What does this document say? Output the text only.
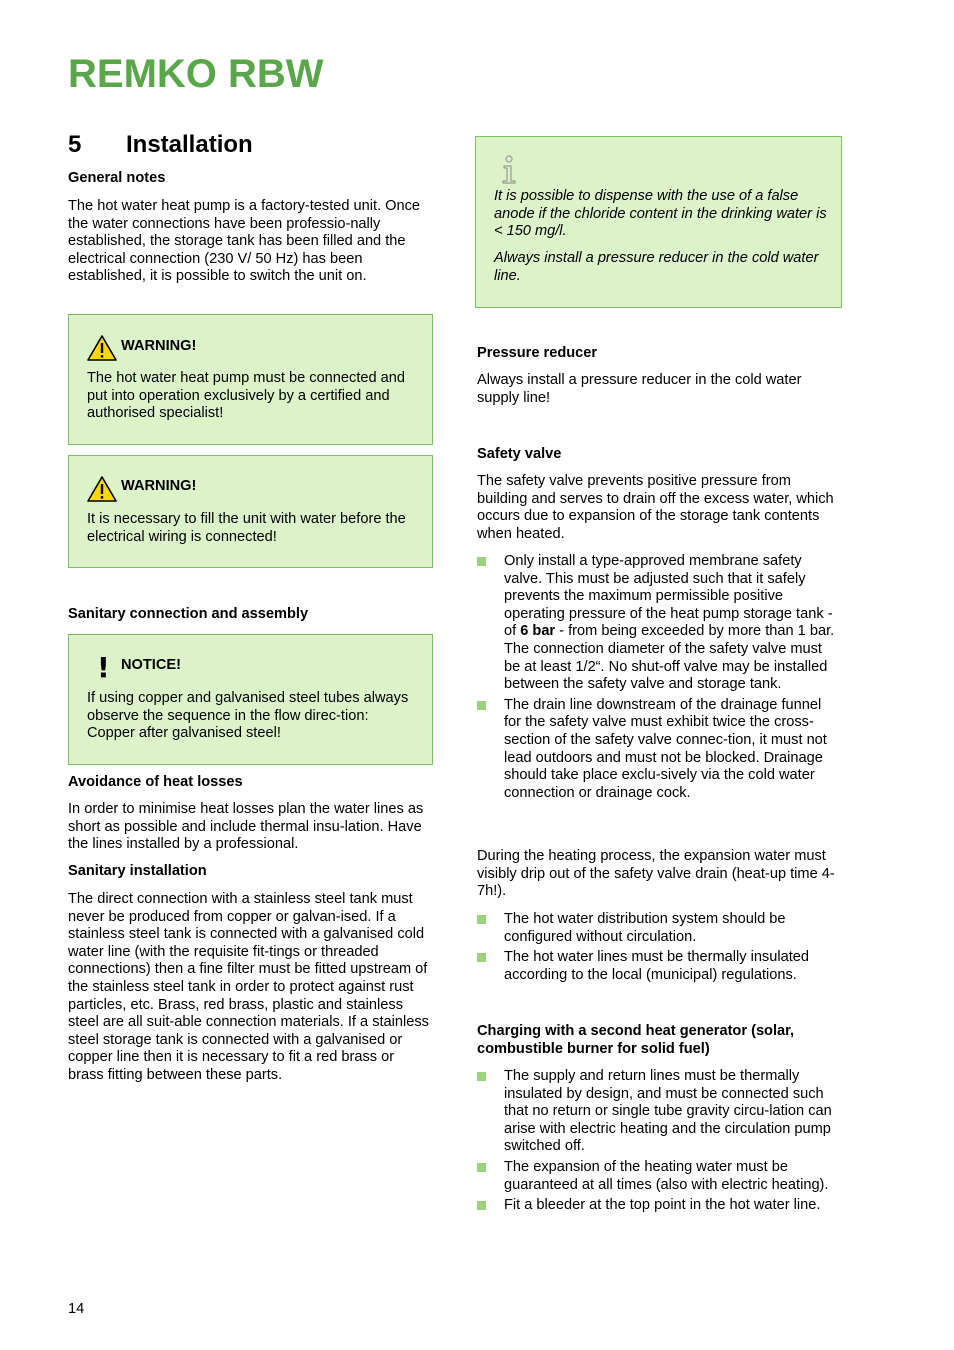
REMKO RBW
5 Installation
General notes

The hot water heat pump is a factory-tested unit. Once the water connections have been professio-nally established, the storage tank has been filled and the electrical connection (230 V/ 50 Hz) has been established, it is possible to switch the unit on.

WARNING!
The hot water heat pump must be connected and put into operation exclusively by a certified and authorised specialist!
WARNING!
It is necessary to fill the unit with water before the electrical wiring is connected!
Sanitary connection and assembly
! NOTICE!
If using copper and galvanised steel tubes always observe the sequence in the flow direc-tion: Copper after galvanised steel!
Avoidance of heat losses

In order to minimise heat losses plan the water lines as short as possible and include thermal insu-lation. Have the lines installed by a professional.

Sanitary installation

The direct connection with a stainless steel tank must never be produced from copper or galvan-ised. If a stainless steel tank is connected with a galvanised cold water line (with the requisite fit-tings or threaded connections) then a fine filter must be fitted upstream of the stainless steel tank in order to protect against rust particles, etc. Brass, red brass, plastic and stainless steel are all suit-able connection materials. If a stainless steel storage tank is connected with a galvanised or copper line then it is necessary to fit a red brass or brass fitting between these parts.

It is possible to dispense with the use of a false anode if the chloride content in the drinking water is < 150 mg/l.

Always install a pressure reducer in the cold water line.

Pressure reducer

Always install a pressure reducer in the cold water supply line!

Safety valve

The safety valve prevents positive pressure from building and serves to drain off the excess water, which occurs due to expansion of the storage tank contents when heated.

Only install a type-approved membrane safety valve. This must be adjusted such that it safely prevents the maximum permissible positive operating pressure of the heat pump storage tank - of 6 bar - from being exceeded by more than 1 bar. The connection diameter of the safety valve must be at least 1/2“. No shut-off valve may be installed between the safety valve and storage tank.
The drain line downstream of the drainage funnel for the safety valve must exhibit twice the cross-section of the safety valve connec-tion, it must not lead outdoors and must not be blocked. Drainage should take place exclu-sively via the cold water connection or drainage cock.

During the heating process, the expansion water must visibly drip out of the safety valve drain (heat-up time 4-7h!).

The hot water distribution system should be configured without circulation.
The hot water lines must be thermally insulated according to the local (municipal) regulations.
Charging with a second heat generator (solar, combustible burner for solid fuel)
The supply and return lines must be thermally insulated by design, and must be connected such that no return or single tube gravity circu-lation can arise with electric heating and the circulation pump switched off.
The expansion of the heating water must be guaranteed at all times (also with electric heating).
Fit a bleeder at the top point in the hot water line.
14
